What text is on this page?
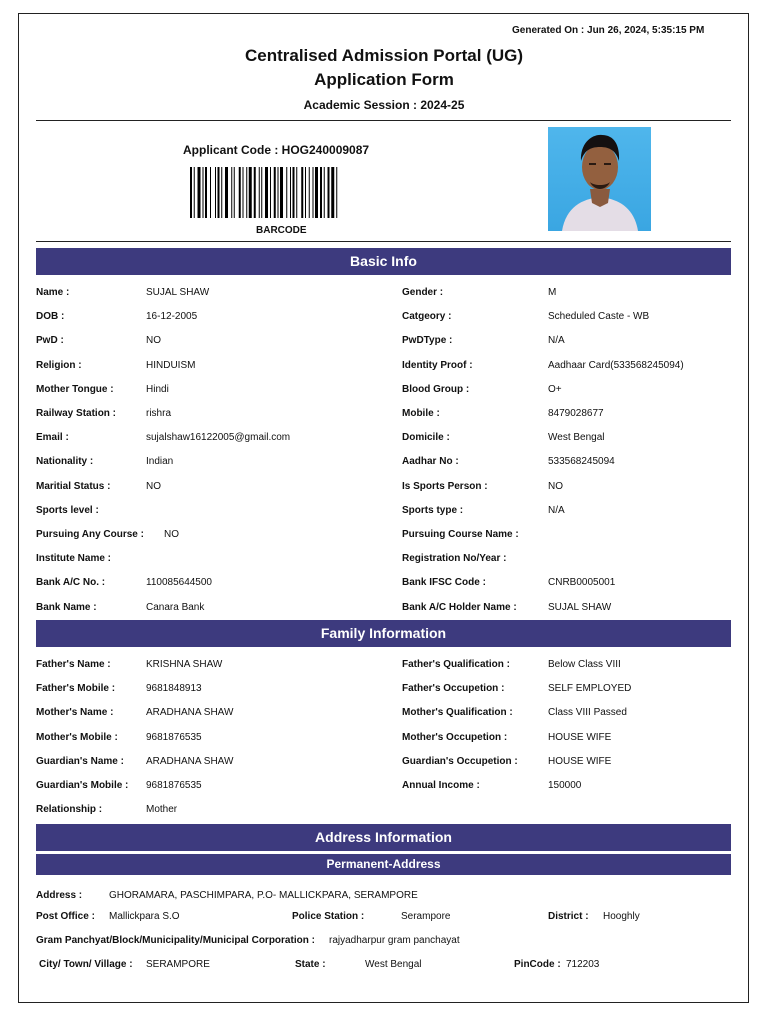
Generated On : Jun 26, 2024, 5:35:15 PM
Centralised Admission Portal (UG)
Application Form
Academic Session : 2024-25
Applicant Code : HOG240009087
BARCODE
Basic Info
Name :	SUJAL SHAW	Gender :	M
DOB :	16-12-2005	Catgeory :	Scheduled Caste - WB
PwD :	NO	PwDType :	N/A
Religion :	HINDUISM	Identity Proof :	Aadhaar Card(533568245094)
Mother Tongue :	Hindi	Blood Group :	O+
Railway Station :	rishra	Mobile :	8479028677
Email :	sujalshaw16122005@gmail.com	Domicile :	West Bengal
Nationality :	Indian	Aadhar No :	533568245094
Maritial Status :	NO	Is Sports Person :	NO
Sports level :	Sports type :	N/A
Pursuing Any Course : NO	Pursuing Course Name :
Institute Name :	Registration No/Year :
Bank A/C No. :	110085644500	Bank IFSC Code :	CNRB0005001
Bank Name :	Canara Bank	Bank A/C Holder Name :	SUJAL SHAW
Family Information
Father's Name :	KRISHNA SHAW	Father's Qualification :	Below Class VIII
Father's Mobile :	9681848913	Father's Occupetion :	SELF EMPLOYED
Mother's Name :	ARADHANA SHAW	Mother's Qualification :	Class VIII Passed
Mother's Mobile :	9681876535	Mother's Occupetion :	HOUSE WIFE
Guardian's Name : ARADHANA SHAW	Guardian's Occupetion :	HOUSE WIFE
Guardian's Mobile : 9681876535	Annual Income :	150000
Relationship :	Mother
Address Information
Permanent-Address
Address :	GHORAMARA, PASCHIMPARA, P.O- MALLICKPARA, SERAMPORE
Post Office : Mallickpara S.O	Police Station :	Serampore	District : Hooghly
Gram Panchyat/Block/Municipality/Municipal Corporation : rajyadharpur gram panchayat
City/ Town/ Village : SERAMPORE	State :	West Bengal	PinCode : 712203
